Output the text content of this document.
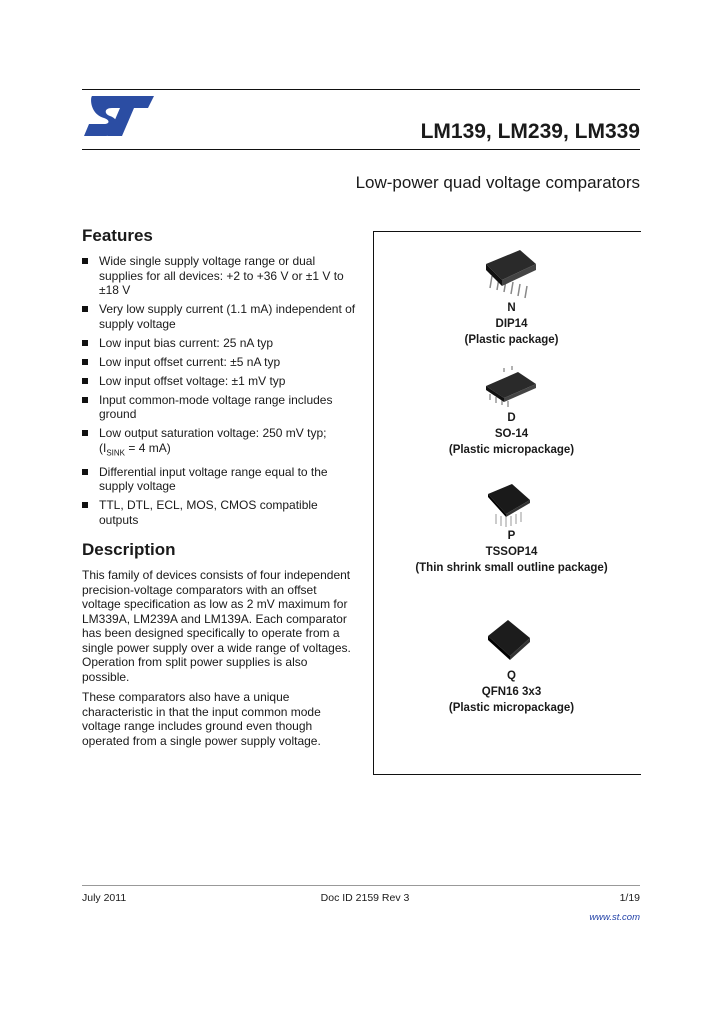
LM139, LM239, LM339
Low-power quad voltage comparators
Features
Wide single supply voltage range or dual supplies for all devices: +2 to +36 V or ±1 V to ±18 V
Very low supply current (1.1 mA) independent of supply voltage
Low input bias current: 25 nA typ
Low input offset current: ±5 nA typ
Low input offset voltage: ±1 mV typ
Input common-mode voltage range includes ground
Low output saturation voltage: 250 mV typ;
($I_{SINK} = 4$ mA)
Differential input voltage range equal to the supply voltage
TTL, DTL, ECL, MOS, CMOS compatible outputs
Description
This family of devices consists of four independent precision-voltage comparators with an offset voltage specification as low as 2 mV maximum for LM339A, LM239A and LM139A. Each comparator has been designed specifically to operate from a single power supply over a wide range of voltages. Operation from split power supplies is also possible.
These comparators also have a unique characteristic in that the input common mode voltage range includes ground even though operated from a single power supply voltage.
N
DIP14
(Plastic package)
D
SO-14
(Plastic micropackage)
P
TSSOP14
(Thin shrink small outline package)
Q
QFN16 3x3
(Plastic micropackage)
July 2011	Doc ID 2159 Rev 3	1/19
www.st.com
